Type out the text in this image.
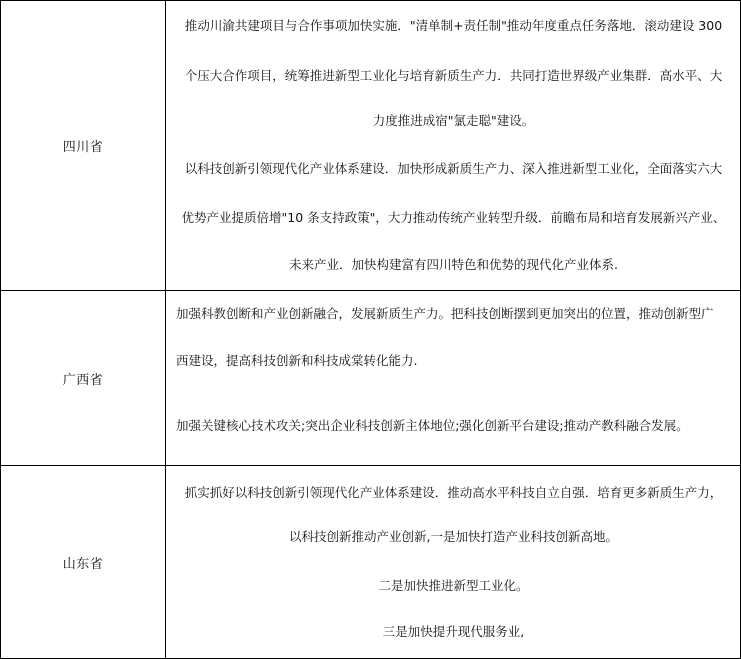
四川省
推动川渝共建项目与合作事项加快实施．"清单制+责任制"推动年度重点任务落地．滚动建设 300
个压大合作项目，统筹推进新型工业化与培育新质生产力．共同打造世界级产业集群．高水平、大
力度推进成宿"氯走聪"建设。
以科技创新引领现代化产业体系建设．加快形成新质生产力、深入推进新型工业化，全面落实六大
优势产业提质倍增"10 条支持政策"，大力推动传统产业转型升级．前瞻布局和培育发展新兴产业、
未来产业．加快构建富有四川特色和优势的现代化产业体系.
广西省
加强科教创断和产业创新融合，发展新质生产力。把科技创断摆到更加突出的位置，推动创新型广
西建设，提高科技创新和科技成棠转化能力.
加强关键核心技术攻关;突出企业科技创新主体地位;强化创新平台建设;推动产教科融合发展。
山东省
抓实抓好以科技创新引领现代化产业体系建设．推动高水平科技自立自强．培育更多新质生产力，
以科技创新推动产业创新,一是加快打造产业科技创新高地。
二是加快推进新型工业化。
三是加快提升现代服务业,
